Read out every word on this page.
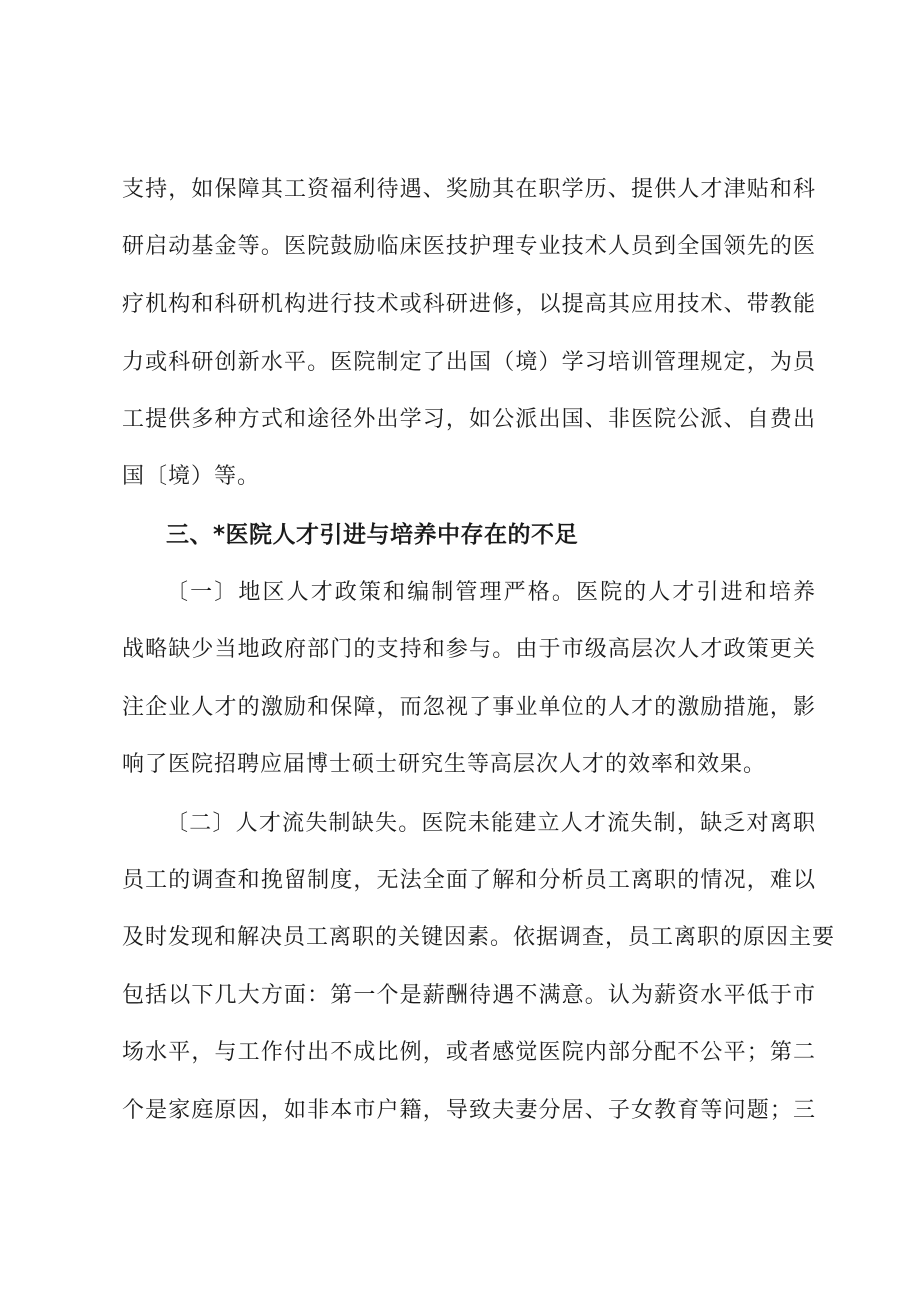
支持，如保障其工资福利待遇、奖励其在职学历、提供人才津贴和科
研启动基金等。医院鼓励临床医技护理专业技术人员到全国领先的医
疗机构和科研机构进行技术或科研进修，以提高其应用技术、带教能
力或科研创新水平。医院制定了出国（境）学习培训管理规定，为员
工提供多种方式和途径外出学习，如公派出国、非医院公派、自费出
国〔境）等。
三、*医院人才引进与培养中存在的不足
〔一〕地区人才政策和编制管理严格。医院的人才引进和培养
战略缺少当地政府部门的支持和参与。由于市级高层次人才政策更关
注企业人才的激励和保障，而忽视了事业单位的人才的激励措施，影
响了医院招聘应届博士硕士研究生等高层次人才的效率和效果。
〔二〕人才流失制缺失。医院未能建立人才流失制，缺乏对离职
员工的调查和挽留制度，无法全面了解和分析员工离职的情况，难以
及时发现和解决员工离职的关键因素。依据调查，员工离职的原因主要
包括以下几大方面：第一个是薪酬待遇不满意。认为薪资水平低于市
场水平，与工作付出不成比例，或者感觉医院内部分配不公平；第二
个是家庭原因，如非本市户籍，导致夫妻分居、子女教育等问题；三
